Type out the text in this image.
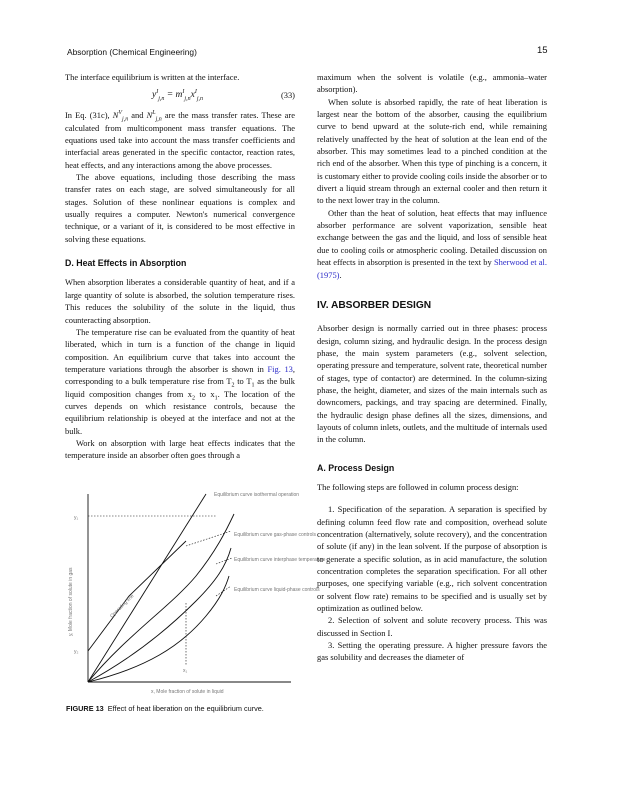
Absorption (Chemical Engineering)	15

The interface equilibrium is written at the interface.

$y^I_{j,n} = m^I_{j,n}x^I_{j,n}$	(33)

In Eq. (31c), $N^V_{j,n}$ and $N^L_{j,n}$ are the mass transfer rates. These are calculated from multicomponent mass transfer equations. The equations used take into account the mass transfer coefficients and interfacial areas generated in the specific contactor, reaction rates, heat effects, and any interactions among the above processes.

The above equations, including those describing the mass transfer rates on each stage, are solved simultaneously for all stages. Solution of these nonlinear equations is complex and usually requires a computer. Newton's numerical convergence technique, or a variant of it, is considered to be most effective in solving these equations.

D. Heat Effects in Absorption

When absorption liberates a considerable quantity of heat, and if a large quantity of solute is absorbed, the solution temperature rises. This reduces the solubility of the solute in the liquid, thus counteracting absorption.

The temperature rise can be evaluated from the quantity of heat liberated, which in turn is a function of the change in liquid composition. An equilibrium curve that takes into account the temperature variations through the absorber is shown in Fig. 13, corresponding to a bulk temperature rise from $T_2$ to $T_1$ as the bulk liquid composition changes from $x_2$ to $x_1$. The location of the curves depends on which resistance controls, because the equilibrium relationship is obeyed at the interface and not at the bulk.

Work on absorption with large heat effects indicates that the temperature inside an absorber often goes through a

Equilibrium curve isothermal operation
Equilibrium curve gas-phase controls
Equilibrium curve interphase temperature
Equilibrium curve liquid-phase controls
Operating line
y, Mole fraction of solute in gas
x, Mole fraction of solute in liquid
y₁
y₂
x₁
FIGURE 13 Effect of heat liberation on the equilibrium curve.

maximum when the solvent is volatile (e.g., ammonia–water absorption).

When solute is absorbed rapidly, the rate of heat liberation is largest near the bottom of the absorber, causing the equilibrium curve to bend upward at the solute-rich end, while remaining relatively unaffected by the heat of solution at the lean end of the absorber. This may sometimes lead to a pinched condition at the rich end of the absorber. When this type of pinching is a concern, it is customary either to provide cooling coils inside the absorber or to divert a liquid stream through an external cooler and then return it to the next lower tray in the column.

Other than the heat of solution, heat effects that may influence absorber performance are solvent vaporization, sensible heat exchange between the gas and the liquid, and loss of sensible heat due to cooling coils or atmospheric cooling. Detailed discussion on heat effects in absorption is presented in the text by Sherwood et al. (1975).

IV. ABSORBER DESIGN

Absorber design is normally carried out in three phases: process design, column sizing, and hydraulic design. In the process design phase, the main system parameters (e.g., solvent selection, operating pressure and temperature, solvent rate, theoretical number of stages, type of contactor) are determined. In the column-sizing phase, the height, diameter, and sizes of the main internals such as downcomers, packings, and tray spacing are determined. Finally, the hydraulic design phase defines all the sizes, dimensions, and layouts of column inlets, outlets, and the multitude of internals used in the column.

A. Process Design

The following steps are followed in column process design:

1. Specification of the separation. A separation is specified by defining column feed flow rate and composition, overhead solute concentration (alternatively, solute recovery), and the concentration of solute (if any) in the lean solvent. If the purpose of absorption is to generate a specific solution, as in acid manufacture, the solution concentration completes the separation specification. For all other purposes, one specifying variable (e.g., rich solvent concentration or solvent flow rate) remains to be specified and is usually set by optimization as outlined below.

2. Selection of solvent and solute recovery process. This was discussed in Section I.

3. Setting the operating pressure. A higher pressure favors the gas solubility and decreases the diameter of
